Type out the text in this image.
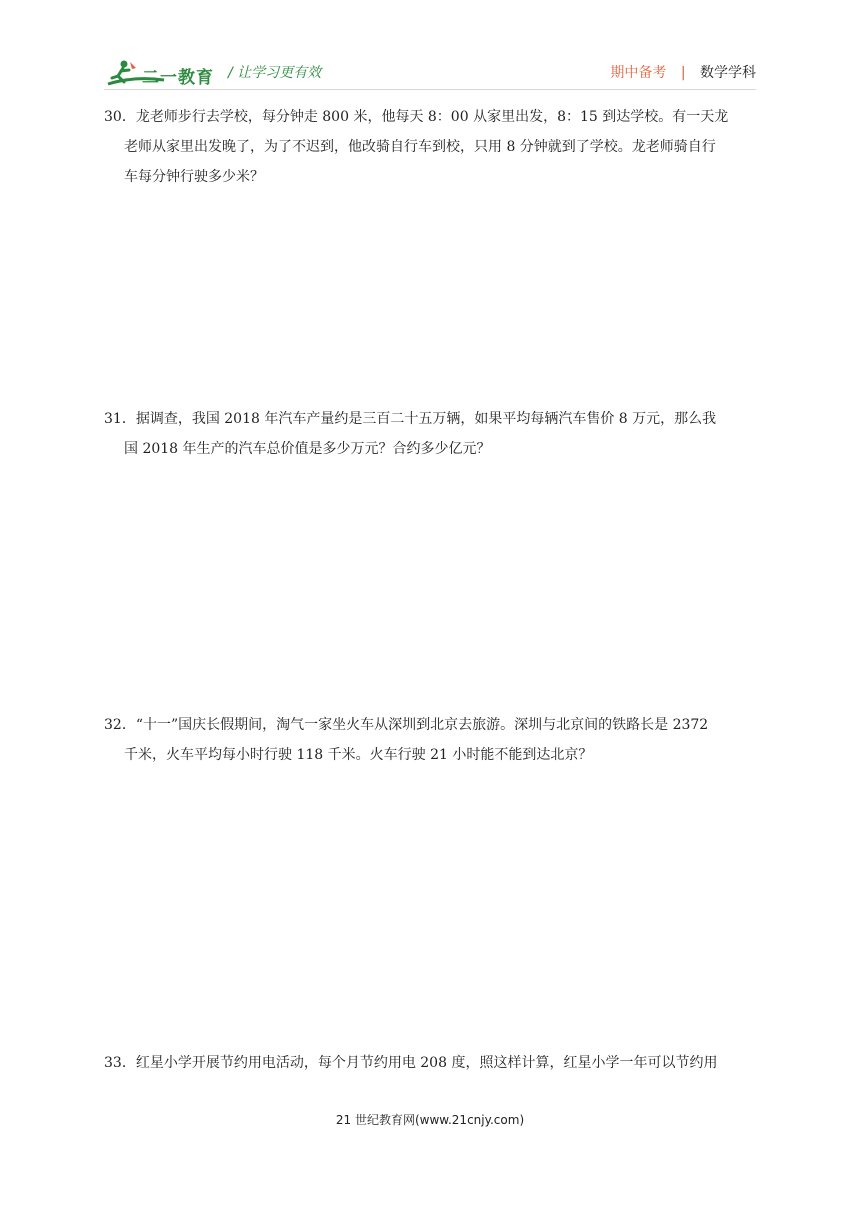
二一教育 / 让学习更有效	期中备考 | 数学学科
30．龙老师步行去学校，每分钟走 800 米，他每天 8：00 从家里出发，8：15 到达学校。有一天龙
老师从家里出发晚了，为了不迟到，他改骑自行车到校，只用 8 分钟就到了学校。龙老师骑自行
车每分钟行驶多少米？
31．据调查，我国 2018 年汽车产量约是三百二十五万辆，如果平均每辆汽车售价 8 万元，那么我
国 2018 年生产的汽车总价值是多少万元？合约多少亿元？
32．“十一”国庆长假期间，淘气一家坐火车从深圳到北京去旅游。深圳与北京间的铁路长是 2372
千米，火车平均每小时行驶 118 千米。火车行驶 21 小时能不能到达北京？
33．红星小学开展节约用电活动，每个月节约用电 208 度，照这样计算，红星小学一年可以节约用
21 世纪教育网(www.21cnjy.com)
